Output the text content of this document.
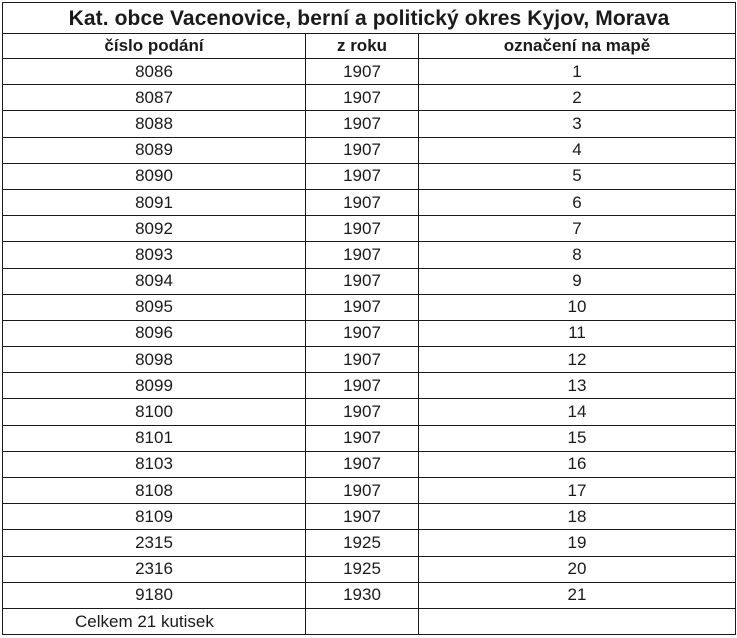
Kat. obce Vacenovice, berní a politický okres Kyjov, Morava		
číslo podání	z roku	označení na mapě
8086	1907	1
8087	1907	2
8088	1907	3
8089	1907	4
8090	1907	5
8091	1907	6
8092	1907	7
8093	1907	8
8094	1907	9
8095	1907	10
8096	1907	11
8098	1907	12
8099	1907	13
8100	1907	14
8101	1907	15
8103	1907	16
8108	1907	17
8109	1907	18
2315	1925	19
2316	1925	20
9180	1930	21
Celkem 21 kutisek		
